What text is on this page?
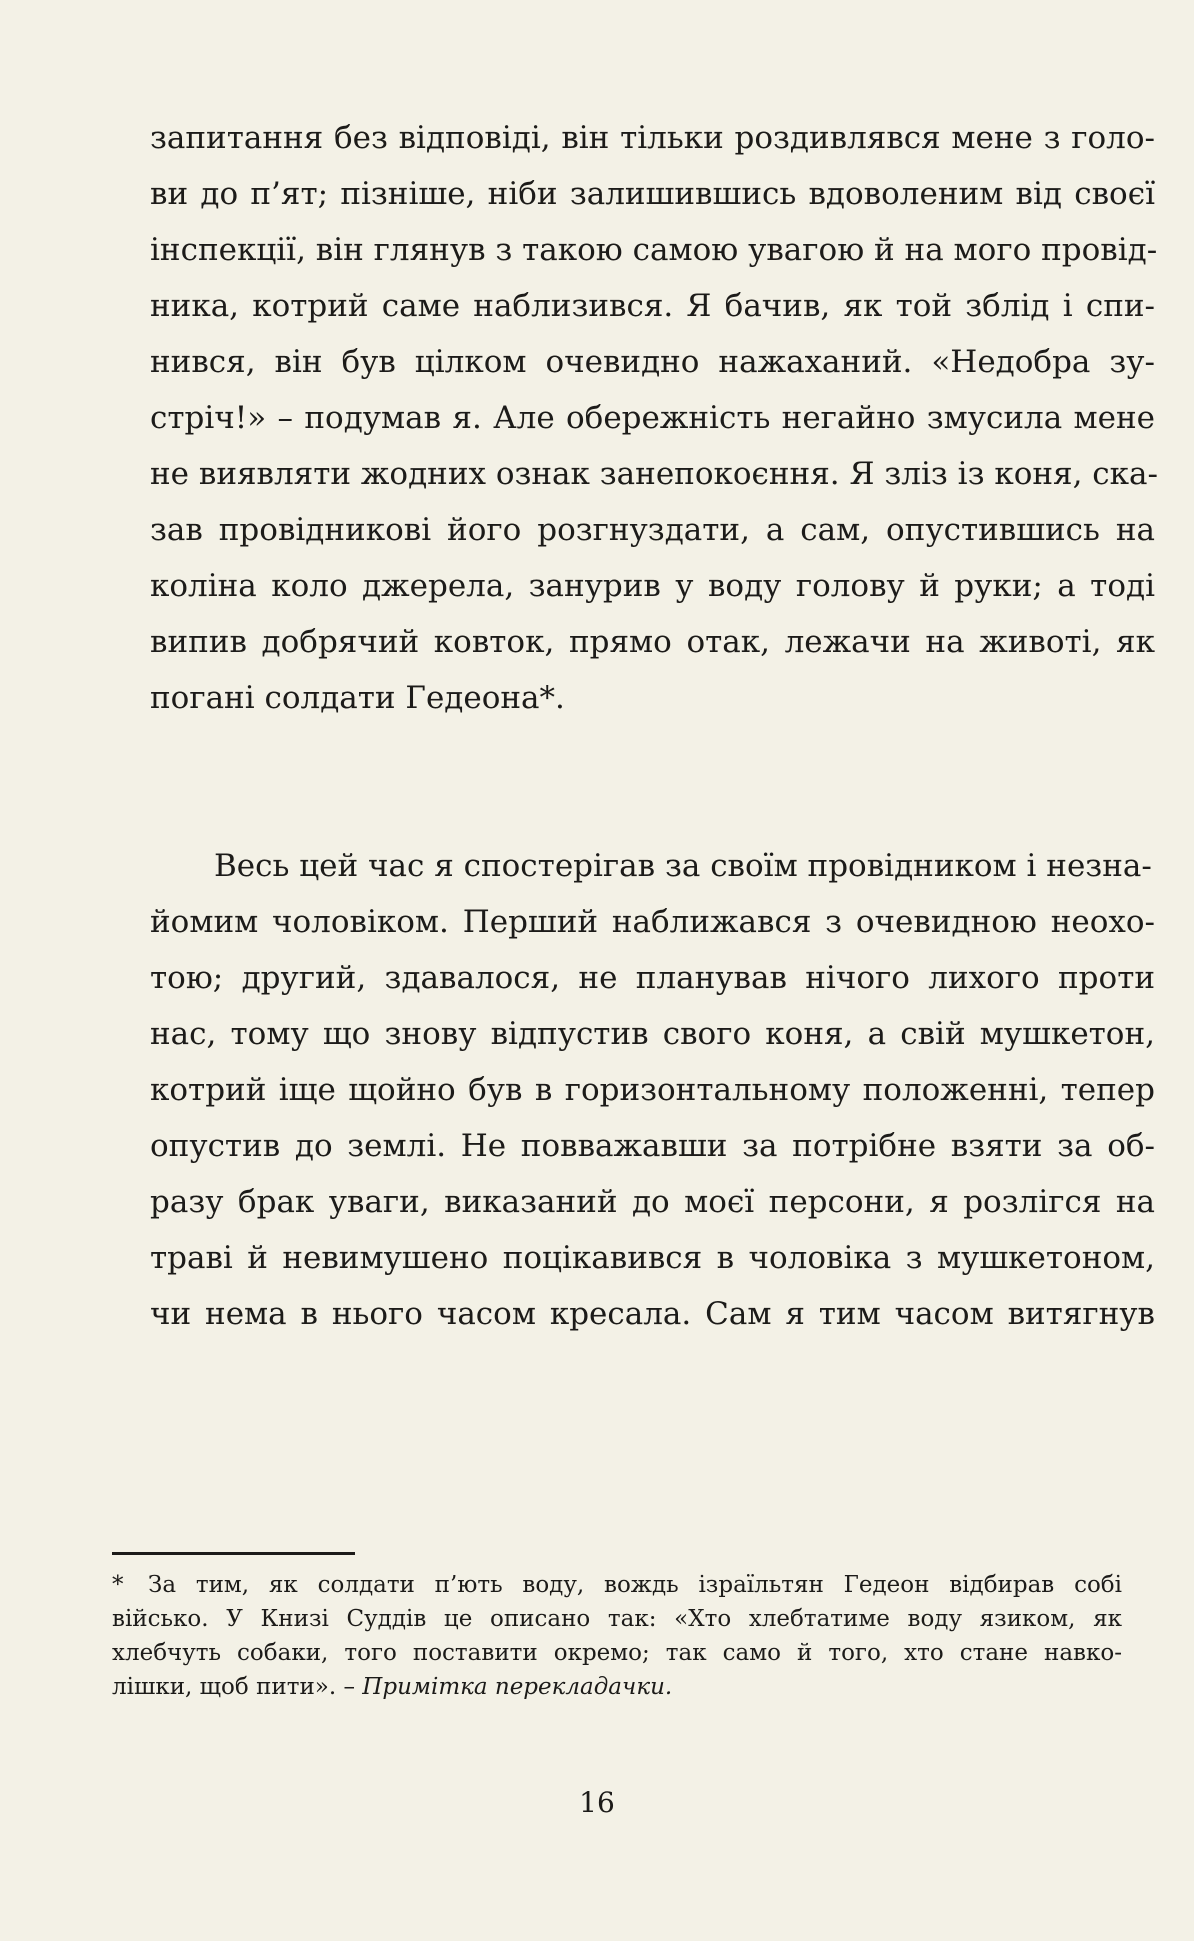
запитання без відповіді, він тільки роздивлявся мене з голо-
ви до п’ят; пізніше, ніби залишившись вдоволеним від своєї
інспекції, він глянув з такою самою увагою й на мого провід-
ника, котрий саме наблизився. Я бачив, як той зблід і спи-
нився, він був цілком очевидно нажаханий. «Недобра зу-
стріч!» – подумав я. Але обережність негайно змусила мене
не виявляти жодних ознак занепокоєння. Я зліз із коня, ска-
зав провідникові його розгнуздати, а сам, опустившись на
коліна коло джерела, занурив у воду голову й руки; а тоді
випив добрячий ковток, прямо отак, лежачи на животі, як
погані солдати Гедеона*.
Весь цей час я спостерігав за своїм провідником і незна-
йомим чоловіком. Перший наближався з очевидною неохо-
тою; другий, здавалося, не планував нічого лихого проти
нас, тому що знову відпустив свого коня, а свій мушкетон,
котрий іще щойно був в горизонтальному положенні, тепер
опустив до землі. Не повважавши за потрібне взяти за об-
разу брак уваги, виказаний до моєї персони, я розлігся на
траві й невимушено поцікавився в чоловіка з мушкетоном,
чи нема в нього часом кресала. Сам я тим часом витягнув
*	За тим, як солдати п’ють воду, вождь ізраїльтян Гедеон відбирав собі
військо. У Книзі Суддів це описано так: «Хто хлебтатиме воду язиком, як
хлебчуть собаки, того поставити окремо; так само й того, хто стане навко-
лішки, щоб пити». – Примітка перекладачки.
16
